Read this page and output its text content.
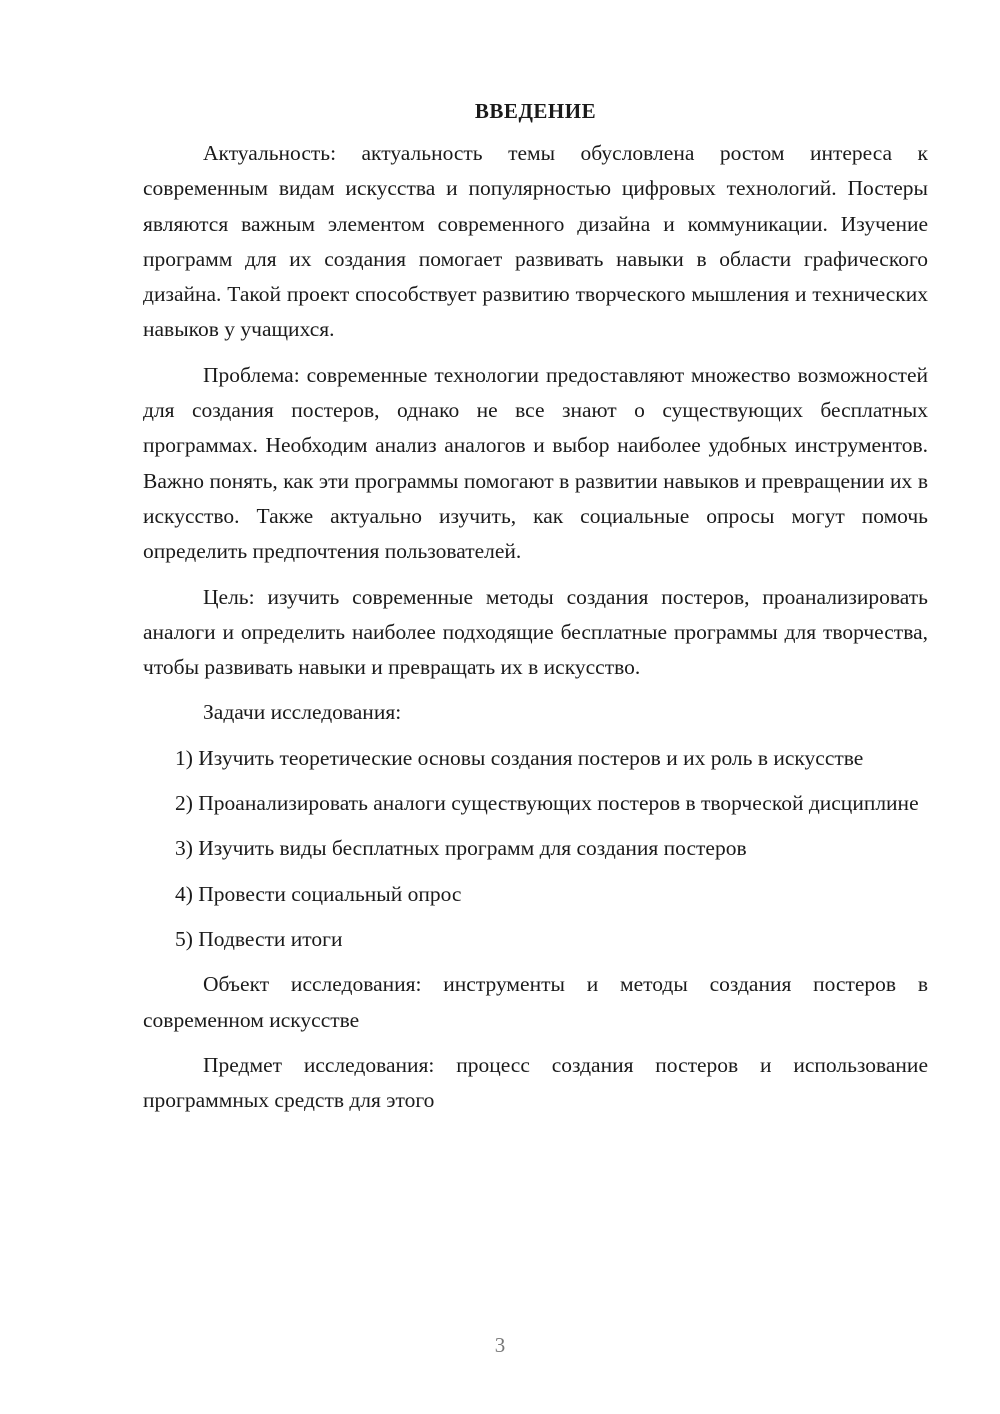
ВВЕДЕНИЕ

Актуальность: актуальность темы обусловлена ростом интереса к современным видам искусства и популярностью цифровых технологий. Постеры являются важным элементом современного дизайна и коммуникации. Изучение программ для их создания помогает развивать навыки в области графического дизайна. Такой проект способствует развитию творческого мышления и технических навыков у учащихся.

Проблема: современные технологии предоставляют множество возможностей для создания постеров, однако не все знают о существующих бесплатных программах. Необходим анализ аналогов и выбор наиболее удобных инструментов. Важно понять, как эти программы помогают в развитии навыков и превращении их в искусство. Также актуально изучить, как социальные опросы могут помочь определить предпочтения пользователей.

Цель: изучить современные методы создания постеров, проанализировать аналоги и определить наиболее подходящие бесплатные программы для творчества, чтобы развивать навыки и превращать их в искусство.

Задачи исследования:

1) Изучить теоретические основы создания постеров и их роль в искусстве
2) Проанализировать аналоги существующих постеров в творческой дисциплине
3) Изучить виды бесплатных программ для создания постеров
4) Провести социальный опрос
5) Подвести итоги

Объект исследования: инструменты и методы создания постеров в современном искусстве

Предмет исследования: процесс создания постеров и использование программных средств для этого

3
